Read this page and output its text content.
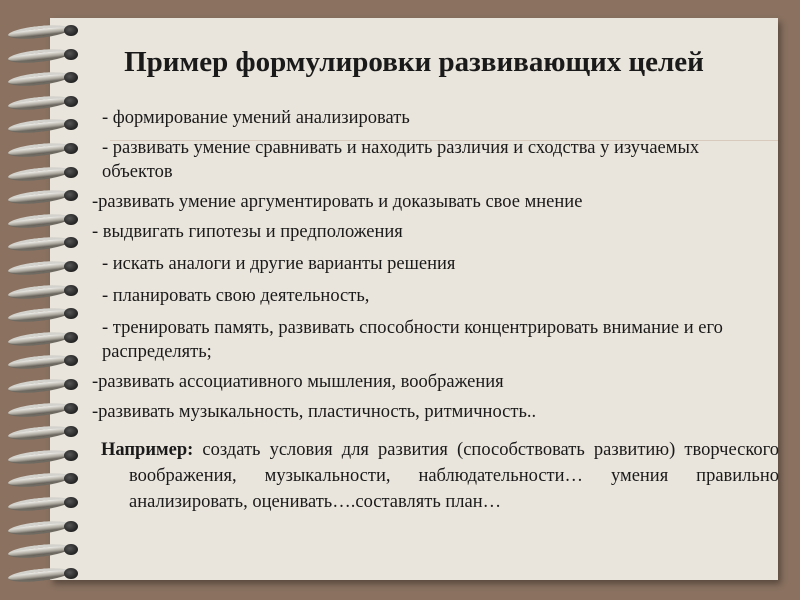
Пример формулировки развивающих целей

- формирование умений анализировать

- развивать умение сравнивать и находить различия и сходства у изучаемых объектов

-развивать умение аргументировать и доказывать свое мнение

- выдвигать гипотезы и предположения

- искать аналоги и другие варианты решения

- планировать свою деятельность,

- тренировать память, развивать способности концентрировать внимание и его распределять;

-развивать ассоциативного мышления, воображения

-развивать музыкальность, пластичность, ритмичность..

Например: создать условия для развития (способствовать развитию) творческого воображения, музыкальности, наблюдательности… умения правильно анализировать, оценивать….составлять план…
